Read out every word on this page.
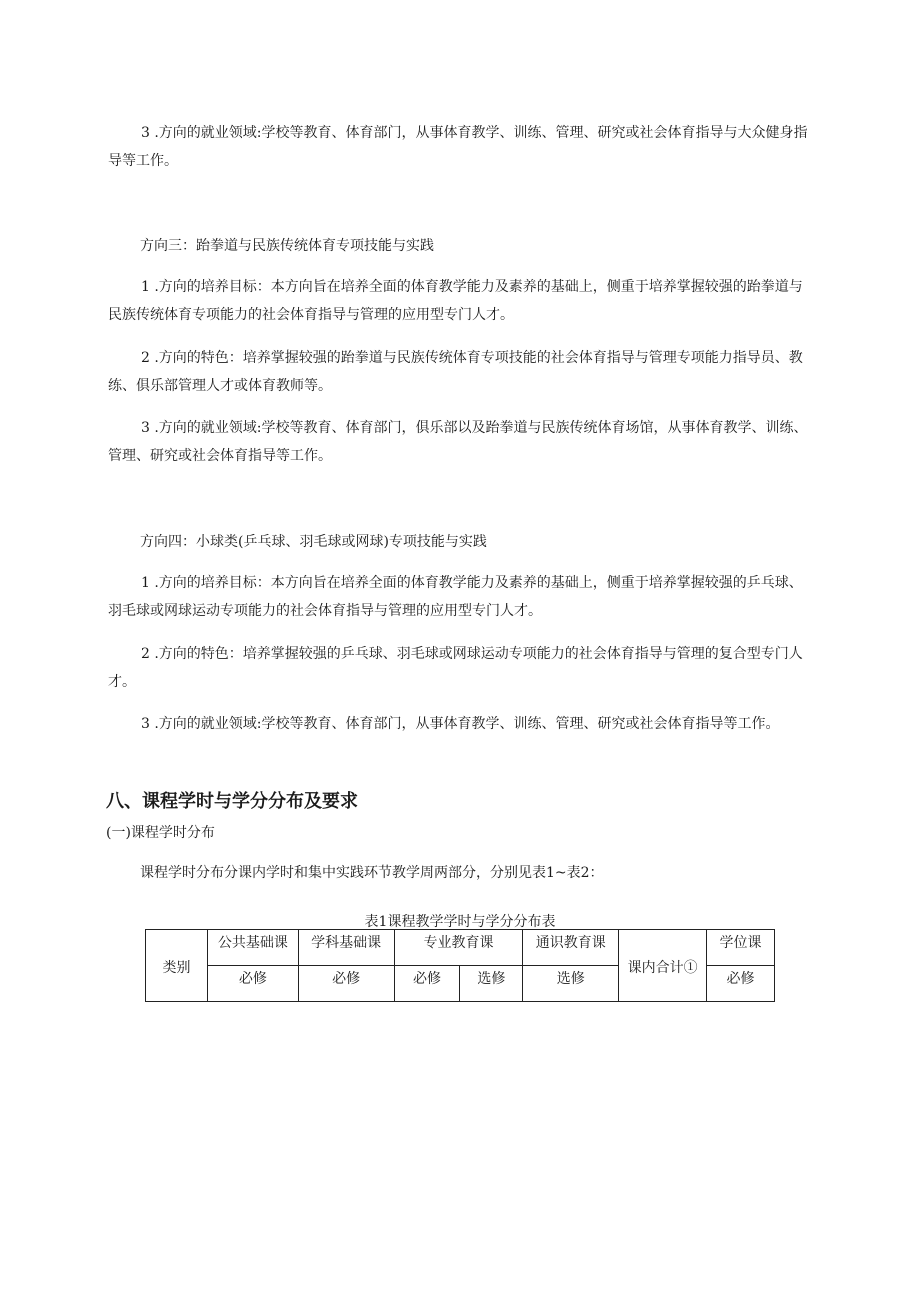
3 .方向的就业领域:学校等教育、体育部门，从事体育教学、训练、管理、研究或社会体育指导与大众健身指导等工作。

方向三：跆拳道与民族传统体育专项技能与实践

1 .方向的培养目标：本方向旨在培养全面的体育教学能力及素养的基础上，侧重于培养掌握较强的跆拳道与民族传统体育专项能力的社会体育指导与管理的应用型专门人才。

2 .方向的特色：培养掌握较强的跆拳道与民族传统体育专项技能的社会体育指导与管理专项能力指导员、教练、俱乐部管理人才或体育教师等。

3 .方向的就业领域:学校等教育、体育部门，俱乐部以及跆拳道与民族传统体育场馆，从事体育教学、训练、管理、研究或社会体育指导等工作。

方向四：小球类(乒乓球、羽毛球或网球)专项技能与实践

1 .方向的培养目标：本方向旨在培养全面的体育教学能力及素养的基础上，侧重于培养掌握较强的乒乓球、羽毛球或网球运动专项能力的社会体育指导与管理的应用型专门人才。

2 .方向的特色：培养掌握较强的乒乓球、羽毛球或网球运动专项能力的社会体育指导与管理的复合型专门人才。

3 .方向的就业领域:学校等教育、体育部门，从事体育教学、训练、管理、研究或社会体育指导等工作。

八、课程学时与学分分布及要求

(一)课程学时分布

课程学时分布分课内学时和集中实践环节教学周两部分，分别见表1~表2：

表1课程教学学时与学分分布表

类别	公共基础课	学科基础课	专业教育课		通识教育课	课内合计①	学位课
	必修	必修	必修	选修	选修		必修
